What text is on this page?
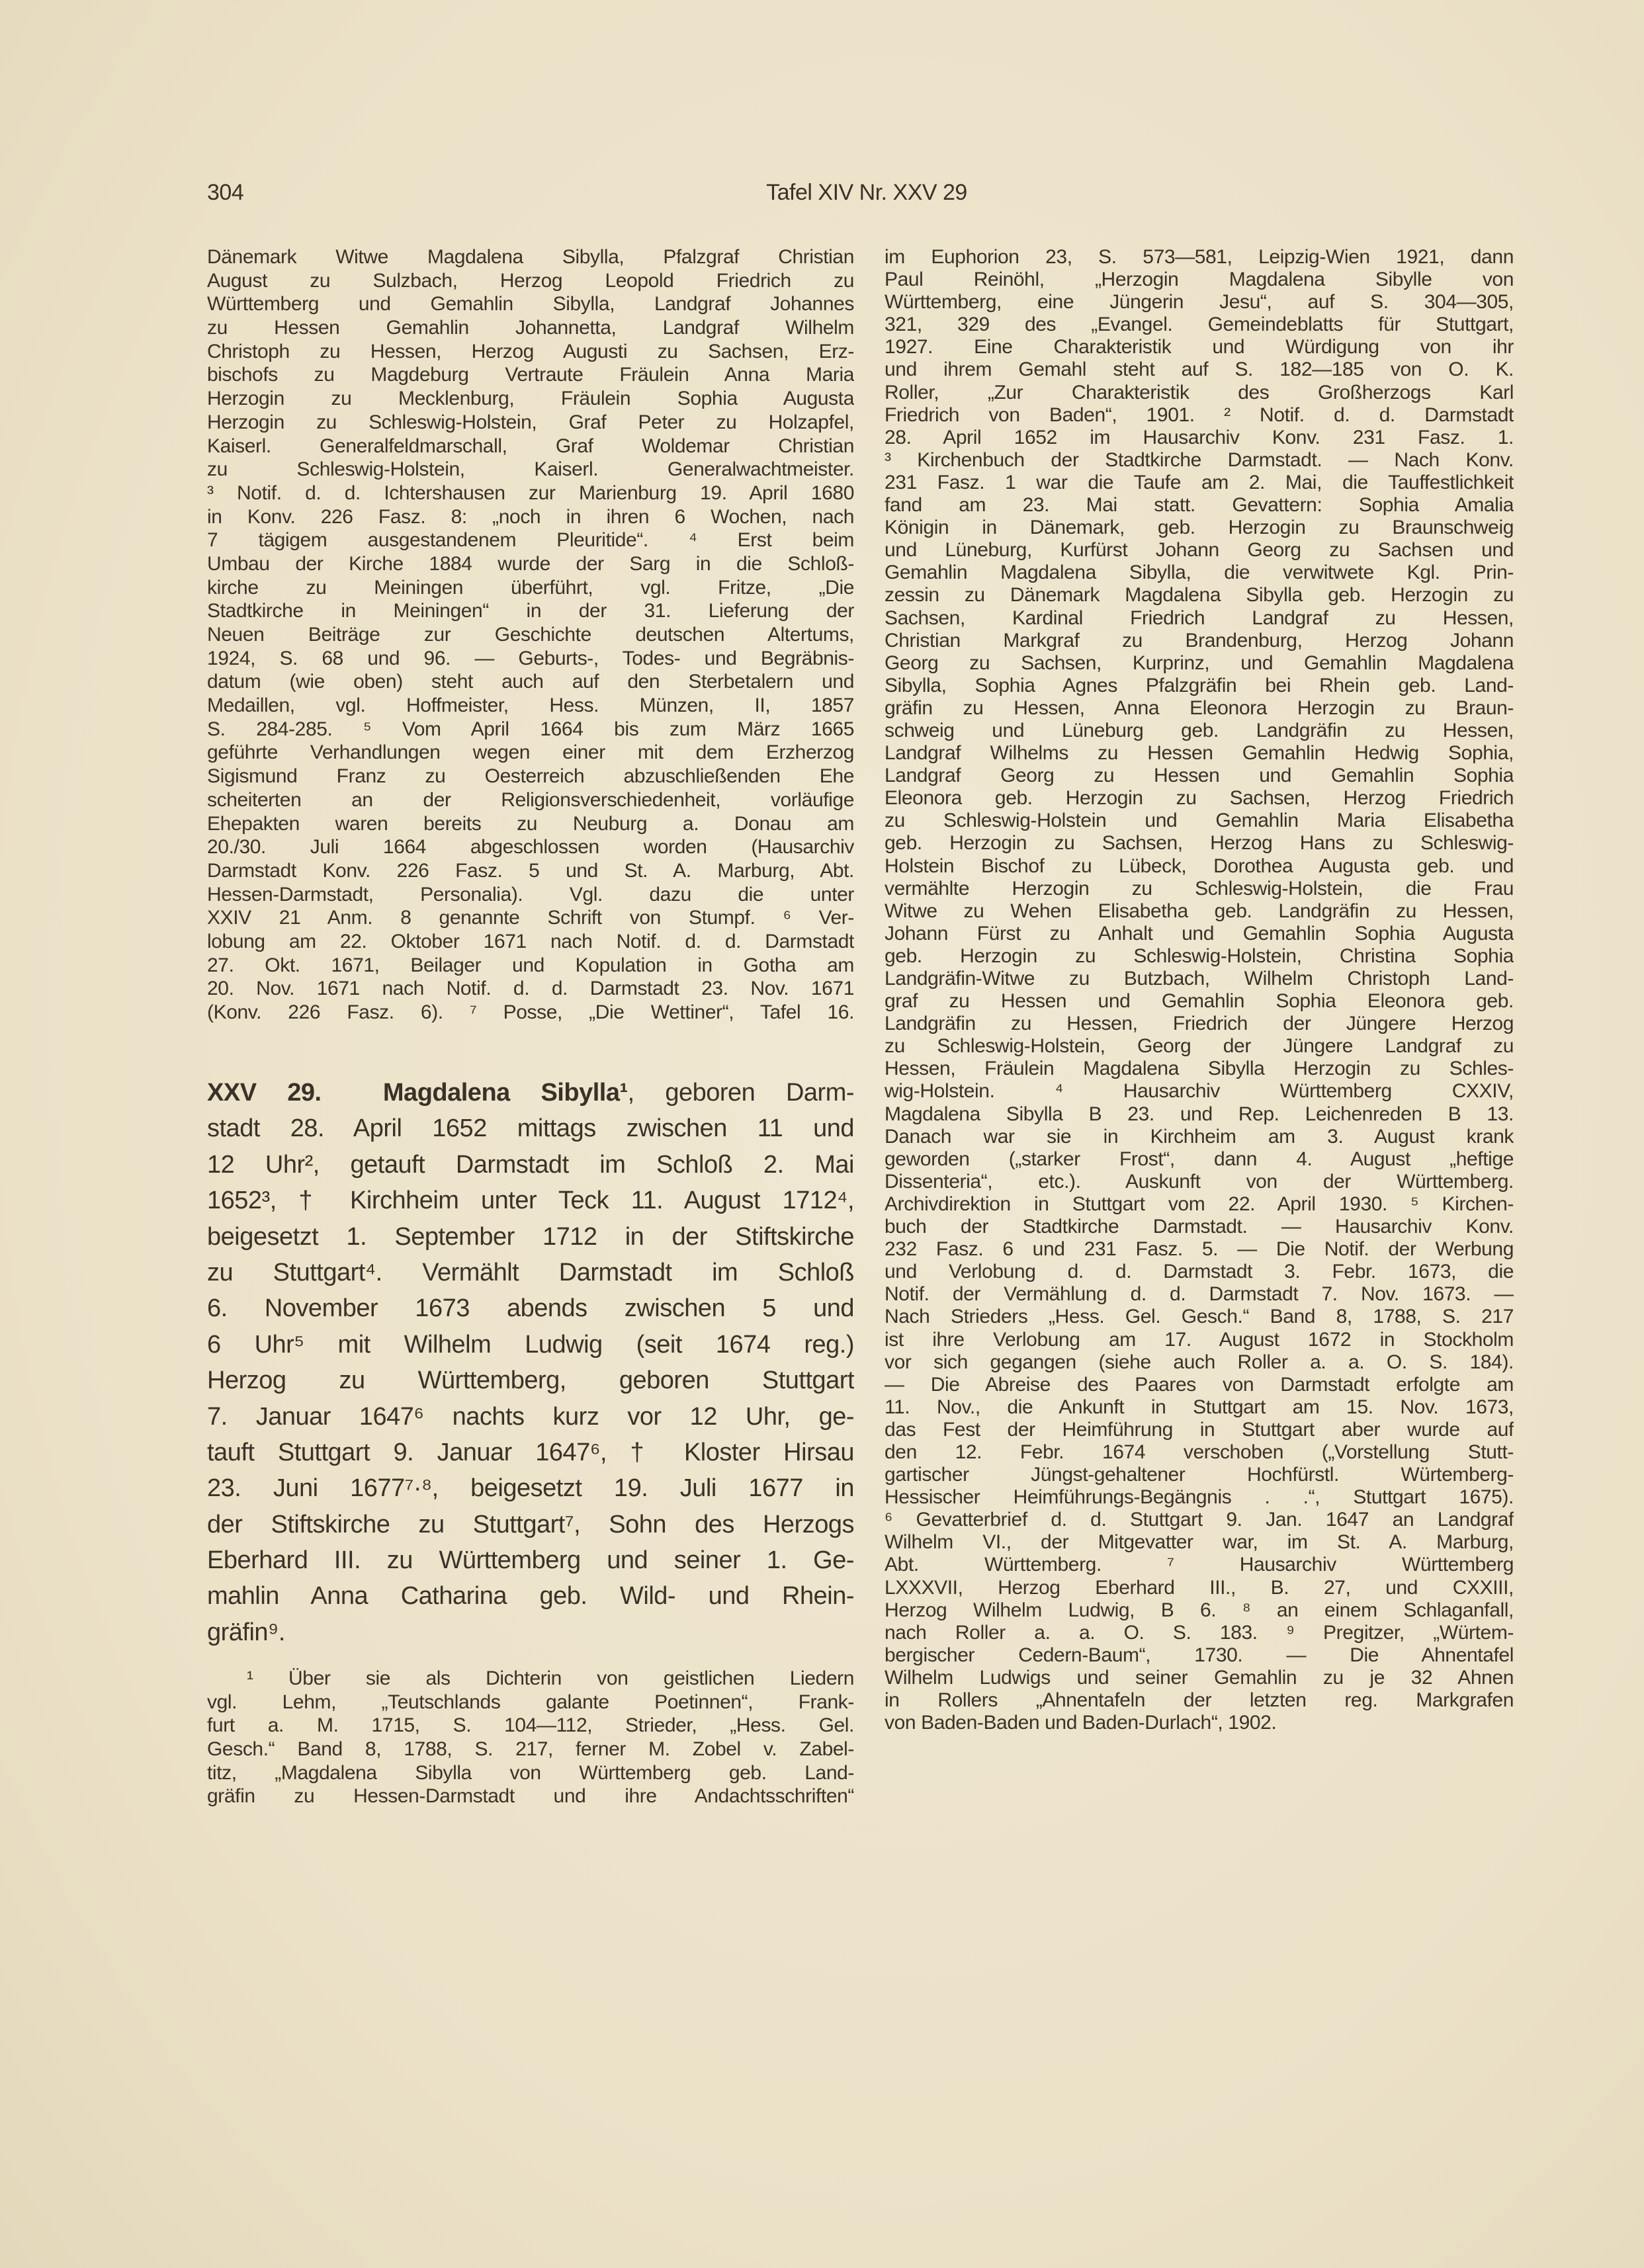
304	Tafel XIV Nr. XXV 29
Dänemark Witwe Magdalena Sibylla, Pfalzgraf Christian
August zu Sulzbach, Herzog Leopold Friedrich zu
Württemberg und Gemahlin Sibylla, Landgraf Johannes
zu Hessen Gemahlin Johannetta, Landgraf Wilhelm
Christoph zu Hessen, Herzog Augusti zu Sachsen, Erz-
bischofs zu Magdeburg Vertraute Fräulein Anna Maria
Herzogin zu Mecklenburg, Fräulein Sophia Augusta
Herzogin zu Schleswig-Holstein, Graf Peter zu Holzapfel,
Kaiserl. Generalfeldmarschall, Graf Woldemar Christian
zu Schleswig-Holstein, Kaiserl. Generalwachtmeister.
³ Notif. d. d. Ichtershausen zur Marienburg 19. April 1680
in Konv. 226 Fasz. 8: „noch in ihren 6 Wochen, nach
7 tägigem ausgestandenem Pleuritide“. ⁴ Erst beim
Umbau der Kirche 1884 wurde der Sarg in die Schloß-
kirche zu Meiningen überführt, vgl. Fritze, „Die
Stadtkirche in Meiningen“ in der 31. Lieferung der
Neuen Beiträge zur Geschichte deutschen Altertums,
1924, S. 68 und 96. — Geburts-, Todes- und Begräbnis-
datum (wie oben) steht auch auf den Sterbetalern und
Medaillen, vgl. Hoffmeister, Hess. Münzen, II, 1857
S. 284-285. ⁵ Vom April 1664 bis zum März 1665
geführte Verhandlungen wegen einer mit dem Erzherzog
Sigismund Franz zu Oesterreich abzuschließenden Ehe
scheiterten an der Religionsverschiedenheit, vorläufige
Ehepakten waren bereits zu Neuburg a. Donau am
20./30. Juli 1664 abgeschlossen worden (Hausarchiv
Darmstadt Konv. 226 Fasz. 5 und St. A. Marburg, Abt.
Hessen-Darmstadt, Personalia). Vgl. dazu die unter
XXIV 21 Anm. 8 genannte Schrift von Stumpf. ⁶ Ver-
lobung am 22. Oktober 1671 nach Notif. d. d. Darmstadt
27. Okt. 1671, Beilager und Kopulation in Gotha am
20. Nov. 1671 nach Notif. d. d. Darmstadt 23. Nov. 1671
(Konv. 226 Fasz. 6). ⁷ Posse, „Die Wettiner“, Tafel 16.
XXV 29. Magdalena Sibylla¹, geboren Darm-
stadt 28. April 1652 mittags zwischen 11 und
12 Uhr², getauft Darmstadt im Schloß 2. Mai
1652³, † Kirchheim unter Teck 11. August 1712⁴,
beigesetzt 1. September 1712 in der Stiftskirche
zu Stuttgart⁴. Vermählt Darmstadt im Schloß
6. November 1673 abends zwischen 5 und
6 Uhr⁵ mit Wilhelm Ludwig (seit 1674 reg.)
Herzog zu Württemberg, geboren Stuttgart
7. Januar 1647⁶ nachts kurz vor 12 Uhr, ge-
tauft Stuttgart 9. Januar 1647⁶, † Kloster Hirsau
23. Juni 1677⁷·⁸, beigesetzt 19. Juli 1677 in
der Stiftskirche zu Stuttgart⁷, Sohn des Herzogs
Eberhard III. zu Württemberg und seiner 1. Ge-
mahlin Anna Catharina geb. Wild- und Rhein-
gräfin⁹.
¹ Über sie als Dichterin von geistlichen Liedern
vgl. Lehm, „Teutschlands galante Poetinnen“, Frank-
furt a. M. 1715, S. 104—112, Strieder, „Hess. Gel.
Gesch.“ Band 8, 1788, S. 217, ferner M. Zobel v. Zabel-
titz, „Magdalena Sibylla von Württemberg geb. Land-
gräfin zu Hessen-Darmstadt und ihre Andachtsschriften“
im Euphorion 23, S. 573—581, Leipzig-Wien 1921, dann
Paul Reinöhl, „Herzogin Magdalena Sibylle von
Württemberg, eine Jüngerin Jesu“, auf S. 304—305,
321, 329 des „Evangel. Gemeindeblatts für Stuttgart,
1927. Eine Charakteristik und Würdigung von ihr
und ihrem Gemahl steht auf S. 182—185 von O. K.
Roller, „Zur Charakteristik des Großherzogs Karl
Friedrich von Baden“, 1901. ² Notif. d. d. Darmstadt
28. April 1652 im Hausarchiv Konv. 231 Fasz. 1.
³ Kirchenbuch der Stadtkirche Darmstadt. — Nach Konv.
231 Fasz. 1 war die Taufe am 2. Mai, die Tauffestlichkeit
fand am 23. Mai statt. Gevattern: Sophia Amalia
Königin in Dänemark, geb. Herzogin zu Braunschweig
und Lüneburg, Kurfürst Johann Georg zu Sachsen und
Gemahlin Magdalena Sibylla, die verwitwete Kgl. Prin-
zessin zu Dänemark Magdalena Sibylla geb. Herzogin zu
Sachsen, Kardinal Friedrich Landgraf zu Hessen,
Christian Markgraf zu Brandenburg, Herzog Johann
Georg zu Sachsen, Kurprinz, und Gemahlin Magdalena
Sibylla, Sophia Agnes Pfalzgräfin bei Rhein geb. Land-
gräfin zu Hessen, Anna Eleonora Herzogin zu Braun-
schweig und Lüneburg geb. Landgräfin zu Hessen,
Landgraf Wilhelms zu Hessen Gemahlin Hedwig Sophia,
Landgraf Georg zu Hessen und Gemahlin Sophia
Eleonora geb. Herzogin zu Sachsen, Herzog Friedrich
zu Schleswig-Holstein und Gemahlin Maria Elisabetha
geb. Herzogin zu Sachsen, Herzog Hans zu Schleswig-
Holstein Bischof zu Lübeck, Dorothea Augusta geb. und
vermählte Herzogin zu Schleswig-Holstein, die Frau
Witwe zu Wehen Elisabetha geb. Landgräfin zu Hessen,
Johann Fürst zu Anhalt und Gemahlin Sophia Augusta
geb. Herzogin zu Schleswig-Holstein, Christina Sophia
Landgräfin-Witwe zu Butzbach, Wilhelm Christoph Land-
graf zu Hessen und Gemahlin Sophia Eleonora geb.
Landgräfin zu Hessen, Friedrich der Jüngere Herzog
zu Schleswig-Holstein, Georg der Jüngere Landgraf zu
Hessen, Fräulein Magdalena Sibylla Herzogin zu Schles-
wig-Holstein. ⁴ Hausarchiv Württemberg CXXIV,
Magdalena Sibylla B 23. und Rep. Leichenreden B 13.
Danach war sie in Kirchheim am 3. August krank
geworden („starker Frost“, dann 4. August „heftige
Dissenteria“, etc.). Auskunft von der Württemberg.
Archivdirektion in Stuttgart vom 22. April 1930. ⁵ Kirchen-
buch der Stadtkirche Darmstadt. — Hausarchiv Konv.
232 Fasz. 6 und 231 Fasz. 5. — Die Notif. der Werbung
und Verlobung d. d. Darmstadt 3. Febr. 1673, die
Notif. der Vermählung d. d. Darmstadt 7. Nov. 1673. —
Nach Strieders „Hess. Gel. Gesch.“ Band 8, 1788, S. 217
ist ihre Verlobung am 17. August 1672 in Stockholm
vor sich gegangen (siehe auch Roller a. a. O. S. 184).
— Die Abreise des Paares von Darmstadt erfolgte am
11. Nov., die Ankunft in Stuttgart am 15. Nov. 1673,
das Fest der Heimführung in Stuttgart aber wurde auf
den 12. Febr. 1674 verschoben („Vorstellung Stutt-
gartischer Jüngst-gehaltener Hochfürstl. Würtemberg-
Hessischer Heimführungs-Begängnis . .“, Stuttgart 1675).
⁶ Gevatterbrief d. d. Stuttgart 9. Jan. 1647 an Landgraf
Wilhelm VI., der Mitgevatter war, im St. A. Marburg,
Abt. Württemberg. ⁷ Hausarchiv Württemberg
LXXXVII, Herzog Eberhard III., B. 27, und CXXIII,
Herzog Wilhelm Ludwig, B 6. ⁸ an einem Schlaganfall,
nach Roller a. a. O. S. 183. ⁹ Pregitzer, „Würtem-
bergischer Cedern-Baum“, 1730. — Die Ahnentafel
Wilhelm Ludwigs und seiner Gemahlin zu je 32 Ahnen
in Rollers „Ahnentafeln der letzten reg. Markgrafen
von Baden-Baden und Baden-Durlach“, 1902.
